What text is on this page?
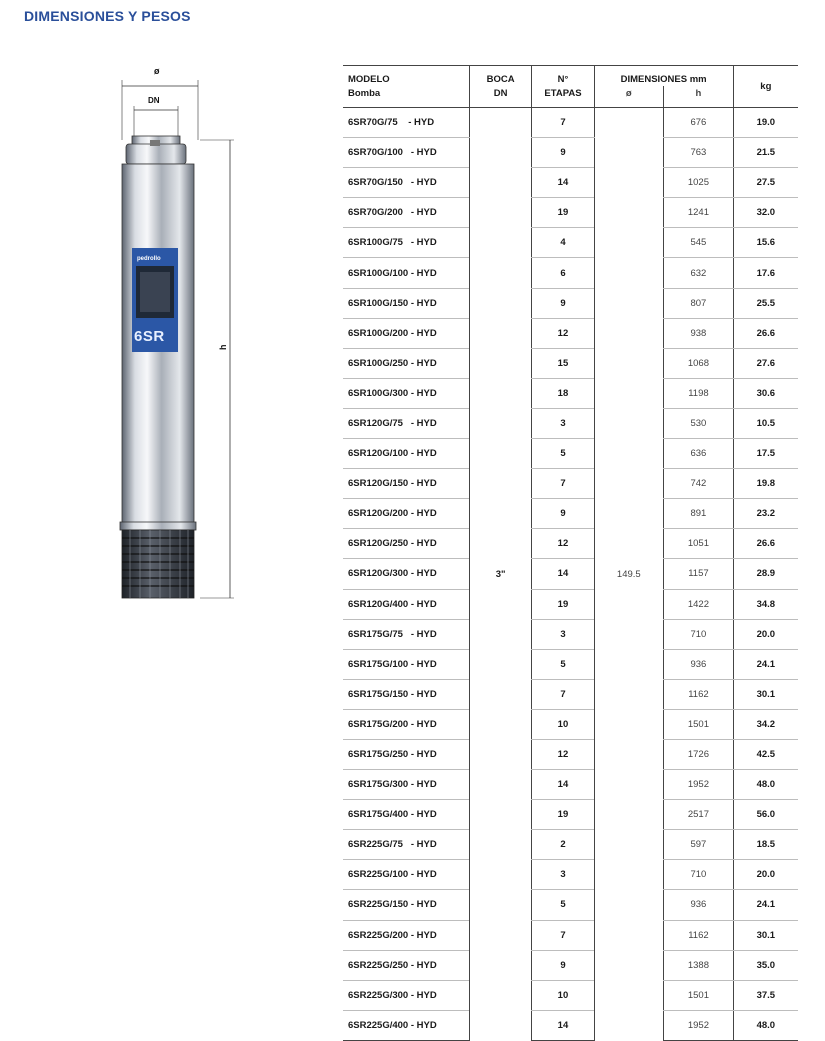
DIMENSIONES Y PESOS
ø
DN
h
pedrollo
6SR
MODELO	BOCA	N°	DIMENSIONES mm		kg
Bomba	DN	ETAPAS	ø	h	
6SR70G/75    - HYD	3"	7	149.5	676	19.0
6SR70G/100   - HYD		9		763	21.5
6SR70G/150   - HYD		14		1025	27.5
6SR70G/200   - HYD		19		1241	32.0
6SR100G/75   - HYD		4		545	15.6
6SR100G/100 - HYD		6		632	17.6
6SR100G/150 - HYD		9		807	25.5
6SR100G/200 - HYD		12		938	26.6
6SR100G/250 - HYD		15		1068	27.6
6SR100G/300 - HYD		18		1198	30.6
6SR120G/75   - HYD		3		530	10.5
6SR120G/100 - HYD		5		636	17.5
6SR120G/150 - HYD		7		742	19.8
6SR120G/200 - HYD		9		891	23.2
6SR120G/250 - HYD		12		1051	26.6
6SR120G/300 - HYD		14		1157	28.9
6SR120G/400 - HYD		19		1422	34.8
6SR175G/75   - HYD		3		710	20.0
6SR175G/100 - HYD		5		936	24.1
6SR175G/150 - HYD		7		1162	30.1
6SR175G/200 - HYD		10		1501	34.2
6SR175G/250 - HYD		12		1726	42.5
6SR175G/300 - HYD		14		1952	48.0
6SR175G/400 - HYD		19		2517	56.0
6SR225G/75   - HYD		2		597	18.5
6SR225G/100 - HYD		3		710	20.0
6SR225G/150 - HYD		5		936	24.1
6SR225G/200 - HYD		7		1162	30.1
6SR225G/250 - HYD		9		1388	35.0
6SR225G/300 - HYD		10		1501	37.5
6SR225G/400 - HYD		14		1952	48.0
